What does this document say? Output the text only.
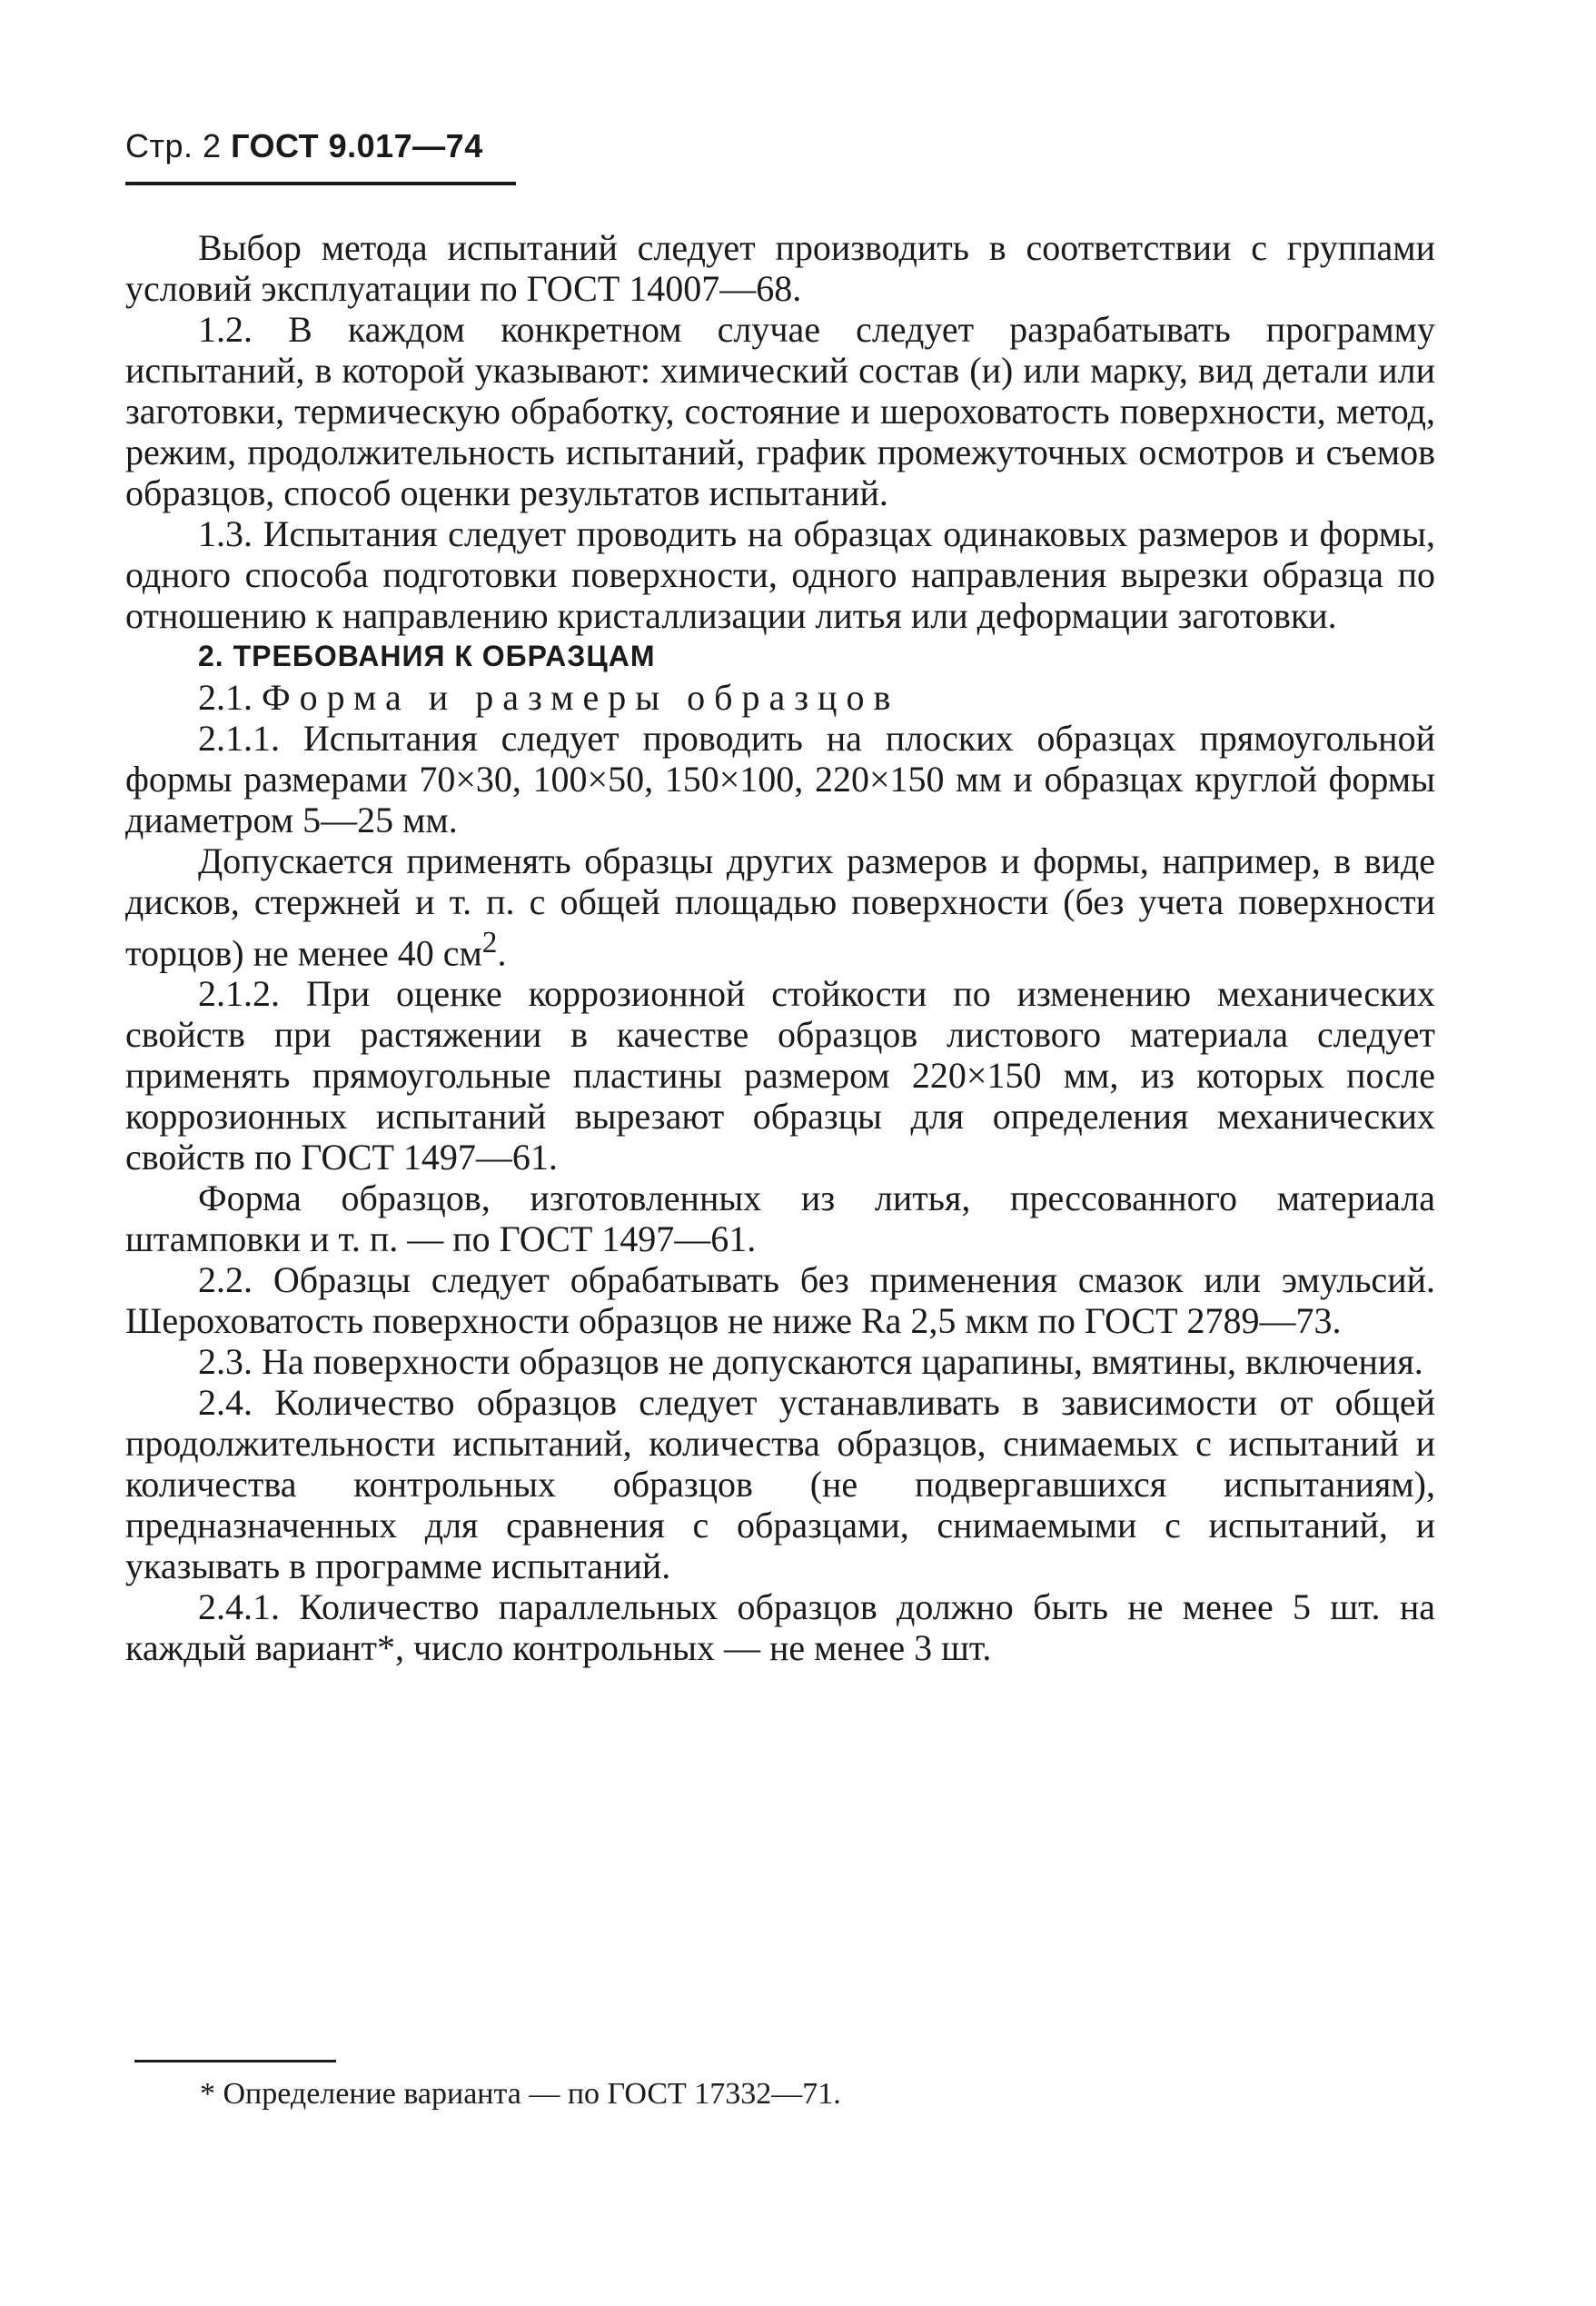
Стр. 2 ГОСТ 9.017—74

Выбор метода испытаний следует производить в соответствии с группами условий эксплуатации по ГОСТ 14007—68.

1.2. В каждом конкретном случае следует разрабатывать программу испытаний, в которой указывают: химический состав (и) или марку, вид детали или заготовки, термическую обработку, состояние и шероховатость поверхности, метод, режим, продолжительность испытаний, график промежуточных осмотров и съемов образцов, способ оценки результатов испытаний.

1.3. Испытания следует проводить на образцах одинаковых размеров и формы, одного способа подготовки поверхности, одного направления вырезки образца по отношению к направлению кристаллизации литья или деформации заготовки.

2. ТРЕБОВАНИЯ К ОБРАЗЦАМ

2.1. Форма и размеры образцов

2.1.1. Испытания следует проводить на плоских образцах прямоугольной формы размерами 70×30, 100×50, 150×100, 220×150 мм и образцах круглой формы диаметром 5—25 мм.

Допускается применять образцы других размеров и формы, например, в виде дисков, стержней и т. п. с общей площадью поверхности (без учета поверхности торцов) не менее 40 $см^2$.

2.1.2. При оценке коррозионной стойкости по изменению механических свойств при растяжении в качестве образцов листового материала следует применять прямоугольные пластины размером 220×150 мм, из которых после коррозионных испытаний вырезают образцы для определения механических свойств по ГОСТ 1497—61.

Форма образцов, изготовленных из литья, прессованного материала штамповки и т. п. — по ГОСТ 1497—61.

2.2. Образцы следует обрабатывать без применения смазок или эмульсий. Шероховатость поверхности образцов не ниже Ra 2,5 мкм по ГОСТ 2789—73.

2.3. На поверхности образцов не допускаются царапины, вмятины, включения.

2.4. Количество образцов следует устанавливать в зависимости от общей продолжительности испытаний, количества образцов, снимаемых с испытаний и количества контрольных образцов (не подвергавшихся испытаниям), предназначенных для сравнения с образцами, снимаемыми с испытаний, и указывать в программе испытаний.

2.4.1. Количество параллельных образцов должно быть не менее 5 шт. на каждый вариант*, число контрольных — не менее 3 шт.

* Определение варианта — по ГОСТ 17332—71.
